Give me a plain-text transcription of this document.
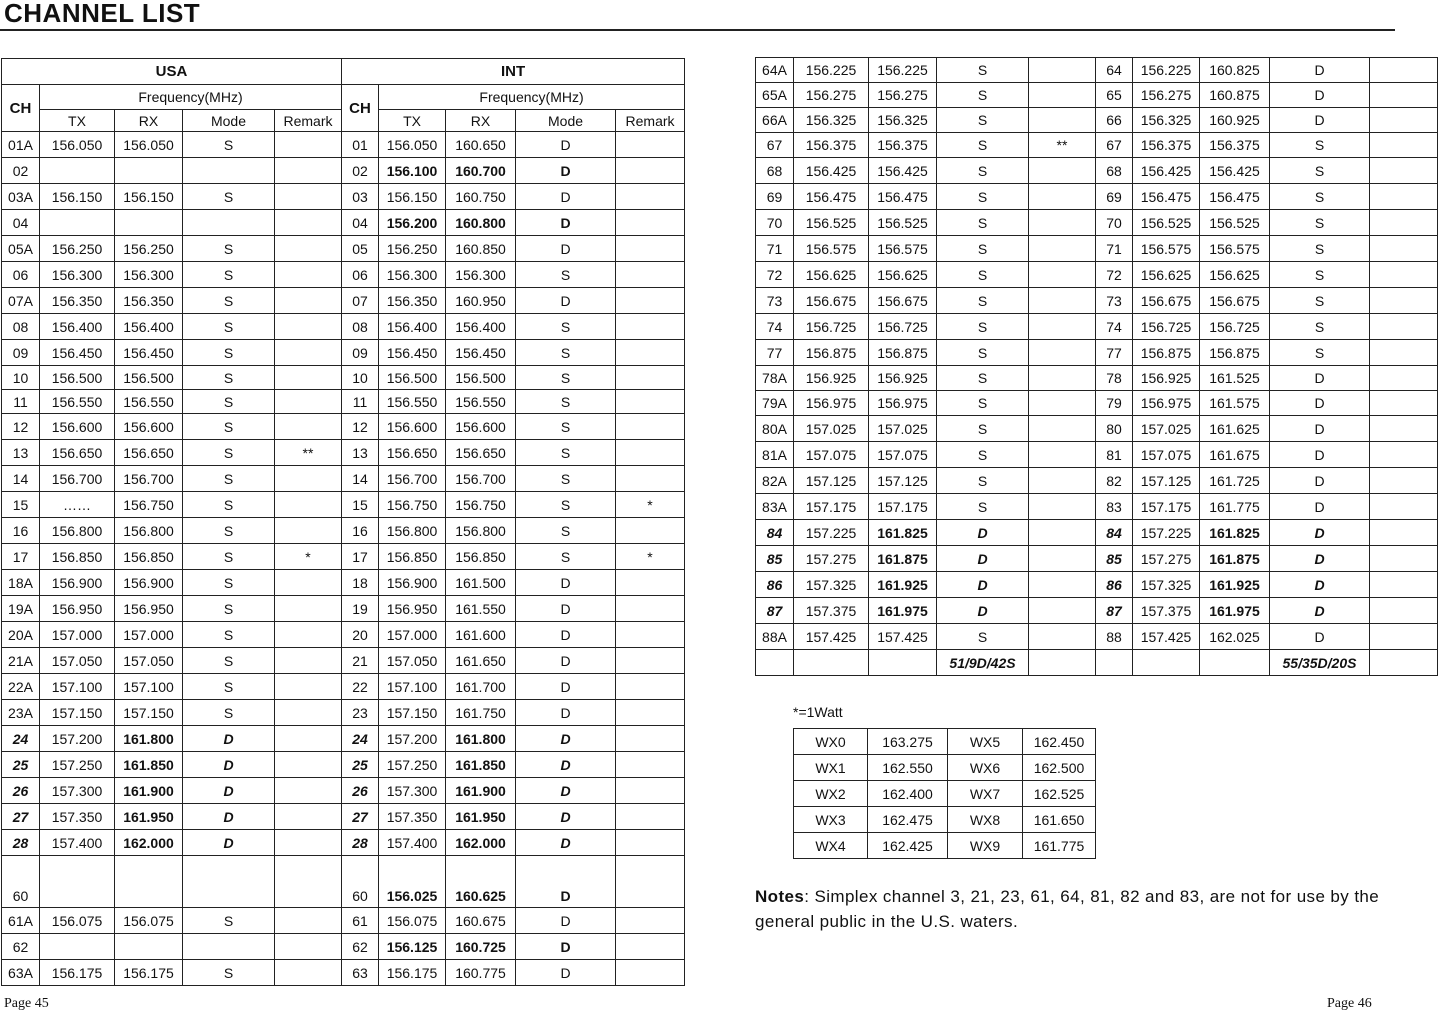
CHANNEL LIST
USA					INT				
CH	Frequency(MHz)				CH	Frequency(MHz)			
	TX	RX	Mode	Remark		TX	RX	Mode	Remark
01A	156.050	156.050	S		01	156.050	160.650	D	
02					02	156.100	160.700	D	
03A	156.150	156.150	S		03	156.150	160.750	D	
04					04	156.200	160.800	D	
05A	156.250	156.250	S		05	156.250	160.850	D	
06	156.300	156.300	S		06	156.300	156.300	S	
07A	156.350	156.350	S		07	156.350	160.950	D	
08	156.400	156.400	S		08	156.400	156.400	S	
09	156.450	156.450	S		09	156.450	156.450	S	
10	156.500	156.500	S		10	156.500	156.500	S	
11	156.550	156.550	S		11	156.550	156.550	S	
12	156.600	156.600	S		12	156.600	156.600	S	
13	156.650	156.650	S	**	13	156.650	156.650	S	
14	156.700	156.700	S		14	156.700	156.700	S	
15	……	156.750	S		15	156.750	156.750	S	*
16	156.800	156.800	S		16	156.800	156.800	S	
17	156.850	156.850	S	*	17	156.850	156.850	S	*
18A	156.900	156.900	S		18	156.900	161.500	D	
19A	156.950	156.950	S		19	156.950	161.550	D	
20A	157.000	157.000	S		20	157.000	161.600	D	
21A	157.050	157.050	S		21	157.050	161.650	D	
22A	157.100	157.100	S		22	157.100	161.700	D	
23A	157.150	157.150	S		23	157.150	161.750	D	
24	157.200	161.800	D		24	157.200	161.800	D	
25	157.250	161.850	D		25	157.250	161.850	D	
26	157.300	161.900	D		26	157.300	161.900	D	
27	157.350	161.950	D		27	157.350	161.950	D	
28	157.400	162.000	D		28	157.400	162.000	D	
60					60	156.025	160.625	D	
61A	156.075	156.075	S		61	156.075	160.675	D	
62					62	156.125	160.725	D	
63A	156.175	156.175	S		63	156.175	160.775	D	
64A	156.225	156.225	S		64	156.225	160.825	D	
65A	156.275	156.275	S		65	156.275	160.875	D	
66A	156.325	156.325	S		66	156.325	160.925	D	
67	156.375	156.375	S	**	67	156.375	156.375	S	
68	156.425	156.425	S		68	156.425	156.425	S	
69	156.475	156.475	S		69	156.475	156.475	S	
70	156.525	156.525	S		70	156.525	156.525	S	
71	156.575	156.575	S		71	156.575	156.575	S	
72	156.625	156.625	S		72	156.625	156.625	S	
73	156.675	156.675	S		73	156.675	156.675	S	
74	156.725	156.725	S		74	156.725	156.725	S	
77	156.875	156.875	S		77	156.875	156.875	S	
78A	156.925	156.925	S		78	156.925	161.525	D	
79A	156.975	156.975	S		79	156.975	161.575	D	
80A	157.025	157.025	S		80	157.025	161.625	D	
81A	157.075	157.075	S		81	157.075	161.675	D	
82A	157.125	157.125	S		82	157.125	161.725	D	
83A	157.175	157.175	S		83	157.175	161.775	D	
84	157.225	161.825	D		84	157.225	161.825	D	
85	157.275	161.875	D		85	157.275	161.875	D	
86	157.325	161.925	D		86	157.325	161.925	D	
87	157.375	161.975	D		87	157.375	161.975	D	
88A	157.425	157.425	S		88	157.425	162.025	D	
			51/9D/42S					55/35D/20S	
*=1Watt
WX0	163.275	WX5	162.450
WX1	162.550	WX6	162.500
WX2	162.400	WX7	162.525
WX3	162.475	WX8	161.650
WX4	162.425	WX9	161.775
Notes: Simplex channel 3, 21, 23, 61, 64, 81, 82 and 83, are not for use by the general public in the U.S. waters.
Page 45	Page 46
